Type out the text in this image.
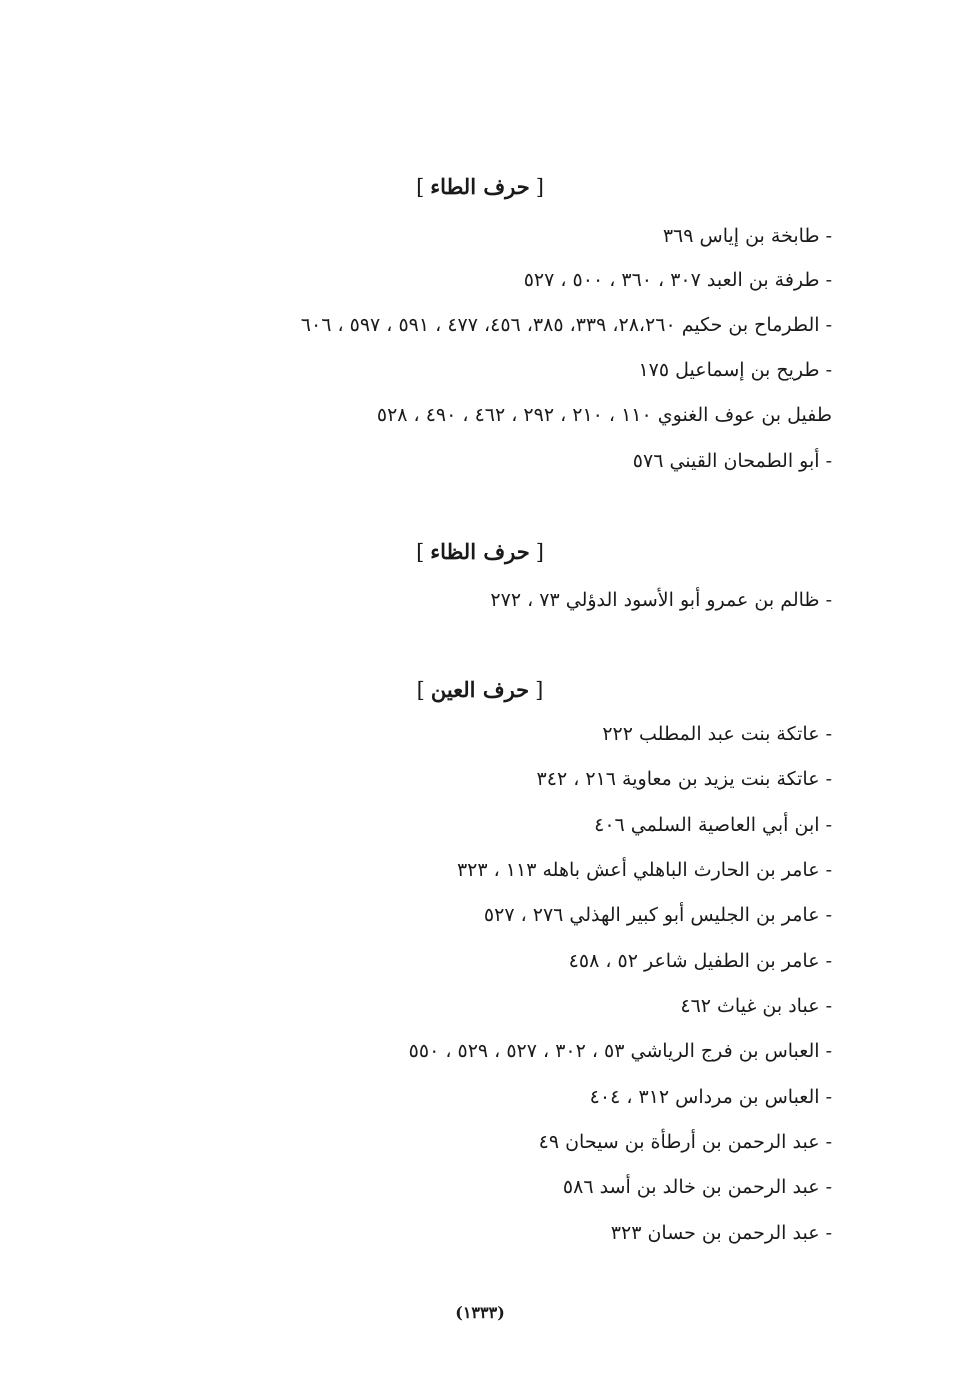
[حرف الطاء]
- طابخة بن إياس ٣٦٩
- طرفة بن العبد ٣٠٧ ، ٣٦٠ ، ٥٠٠ ، ٥٢٧
- الطرماح بن حكيم ٢٨،٢٦٠، ٣٣٩، ٣٨٥، ٤٥٦، ٤٧٧ ، ٥٩١ ، ٥٩٧ ، ٦٠٦
- طريح بن إسماعيل ١٧٥
طفيل بن عوف الغنوي ١١٠ ، ٢١٠ ، ٢٩٢ ، ٤٦٢ ، ٤٩٠ ، ٥٢٨
- أبو الطمحان القيني ٥٧٦
[حرف الظاء]
- ظالم بن عمرو أبو الأسود الدؤلي ٧٣ ، ٢٧٢
[حرف العين]
- عاتكة بنت عبد المطلب ٢٢٢
- عاتكة بنت يزيد بن معاوية ٢١٦ ، ٣٤٢
- ابن أبي العاصية السلمي ٤٠٦
- عامر بن الحارث الباهلي أعش باهله ١١٣ ، ٣٢٣
- عامر بن الجليس أبو كبير الهذلي ٢٧٦ ، ٥٢٧
- عامر بن الطفيل شاعر ٥٢ ، ٤٥٨
- عباد بن غياث ٤٦٢
- العباس بن فرج الرياشي ٥٣ ، ٣٠٢ ، ٥٢٧ ، ٥٢٩ ، ٥٥٠
- العباس بن مرداس ٣١٢ ، ٤٠٤
- عبد الرحمن بن أرطأة بن سيحان ٤٩
- عبد الرحمن بن خالد بن أسد ٥٨٦
- عبد الرحمن بن حسان ٣٢٣
(١٣٣٣)
